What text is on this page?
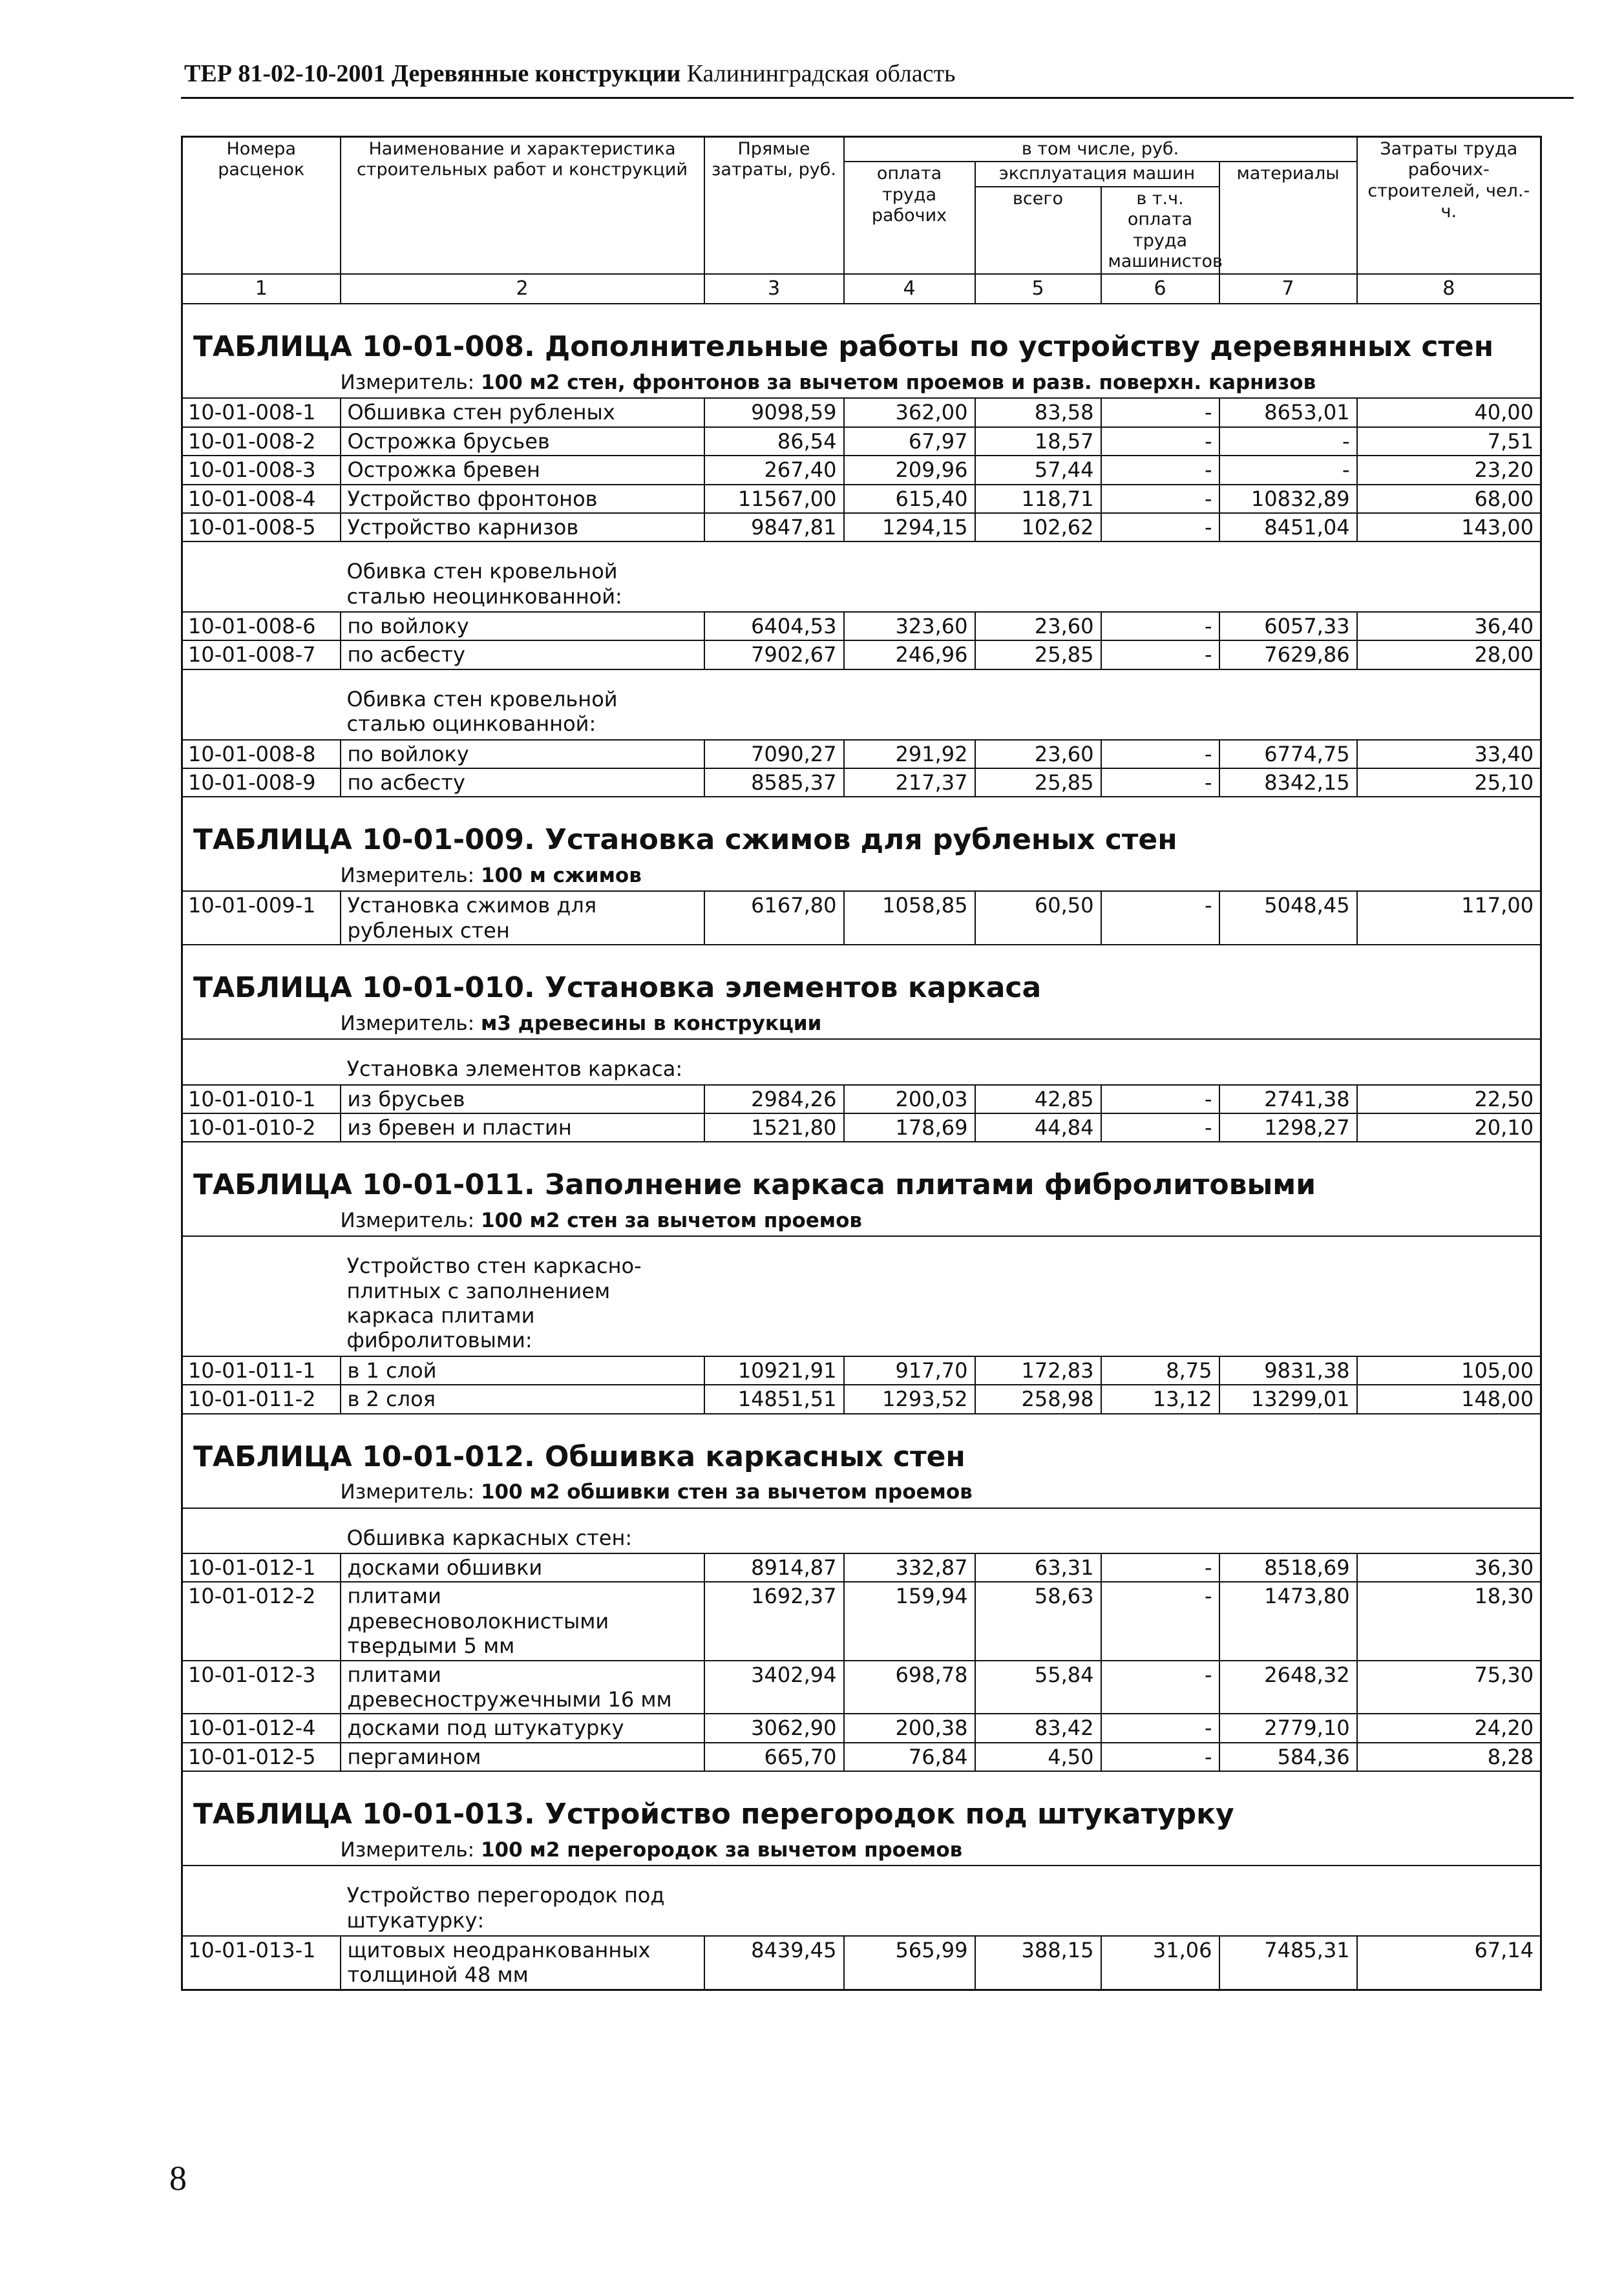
ТЕР 81-02-10-2001 Деревянные конструкции Калининградская область
Номера расценок	Наименование и характеристика строительных работ и конструкций	Прямые затраты, руб.	в том числе, руб.				Затраты труда рабочих-строителей, чел.-ч.
			оплата труда рабочих	эксплуатация машин		материалы	
				всего	в т.ч. оплата труда машинистов		
1	2	3	4	5	6	7	8
ТАБЛИЦА 10-01-008. Дополнительные работы по устройству деревянных стен							
	Измеритель: 100 м2 стен, фронтонов за вычетом проемов и разв. поверхн. карнизов						
10-01-008-1	Обшивка стен рубленых	9098,59	362,00	83,58	-	8653,01	40,00
10-01-008-2	Острожка брусьев	86,54	67,97	18,57	-	-	7,51
10-01-008-3	Острожка бревен	267,40	209,96	57,44	-	-	23,20
10-01-008-4	Устройство фронтонов	11567,00	615,40	118,71	-	10832,89	68,00
10-01-008-5	Устройство карнизов	9847,81	1294,15	102,62	-	8451,04	143,00
	Обивка стен кровельной сталью неоцинкованной:						
10-01-008-6	по войлоку	6404,53	323,60	23,60	-	6057,33	36,40
10-01-008-7	по асбесту	7902,67	246,96	25,85	-	7629,86	28,00
	Обивка стен кровельной сталью оцинкованной:						
10-01-008-8	по войлоку	7090,27	291,92	23,60	-	6774,75	33,40
10-01-008-9	по асбесту	8585,37	217,37	25,85	-	8342,15	25,10
ТАБЛИЦА 10-01-009. Установка сжимов для рубленых стен							
	Измеритель: 100 м сжимов						
10-01-009-1	Установка сжимов для рубленых стен	6167,80	1058,85	60,50	-	5048,45	117,00
ТАБЛИЦА 10-01-010. Установка элементов каркаса							
	Измеритель: м3 древесины в конструкции						
	Установка элементов каркаса:						
10-01-010-1	из брусьев	2984,26	200,03	42,85	-	2741,38	22,50
10-01-010-2	из бревен и пластин	1521,80	178,69	44,84	-	1298,27	20,10
ТАБЛИЦА 10-01-011. Заполнение каркаса плитами фибролитовыми							
	Измеритель: 100 м2 стен за вычетом проемов						
	Устройство стен каркасно-плитных с заполнением каркаса плитами фибролитовыми:						
10-01-011-1	в 1 слой	10921,91	917,70	172,83	8,75	9831,38	105,00
10-01-011-2	в 2 слоя	14851,51	1293,52	258,98	13,12	13299,01	148,00
ТАБЛИЦА 10-01-012. Обшивка каркасных стен							
	Измеритель: 100 м2 обшивки стен за вычетом проемов						
	Обшивка каркасных стен:						
10-01-012-1	досками обшивки	8914,87	332,87	63,31	-	8518,69	36,30
10-01-012-2	плитами древесноволокнистыми твердыми 5 мм	1692,37	159,94	58,63	-	1473,80	18,30
10-01-012-3	плитами древесностружечными 16 мм	3402,94	698,78	55,84	-	2648,32	75,30
10-01-012-4	досками под штукатурку	3062,90	200,38	83,42	-	2779,10	24,20
10-01-012-5	пергамином	665,70	76,84	4,50	-	584,36	8,28
ТАБЛИЦА 10-01-013. Устройство перегородок под штукатурку							
	Измеритель: 100 м2 перегородок за вычетом проемов						
	Устройство перегородок под штукатурку:						
10-01-013-1	щитовых неодранкованных толщиной 48 мм	8439,45	565,99	388,15	31,06	7485,31	67,14
8
